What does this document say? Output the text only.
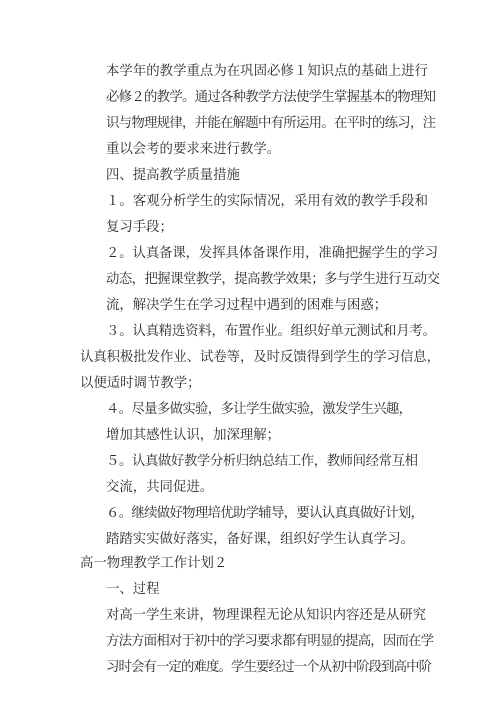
本学年的教学重点为在巩固必修１知识点的基础上进行
必修２的教学。通过各种教学方法使学生掌握基本的物理知
识与物理规律，并能在解题中有所运用。在平时的练习，注
重以会考的要求来进行教学。
四、提高教学质量措施
１。客观分析学生的实际情况，采用有效的教学手段和
复习手段；
２。认真备课，发挥具体备课作用，准确把握学生的学习
动态，把握课堂教学，提高教学效果；多与学生进行互动交
流，解决学生在学习过程中遇到的困难与困惑；
３。认真精选资料，布置作业。组织好单元测试和月考。
认真积极批发作业、试卷等，及时反馈得到学生的学习信息，
以便适时调节教学；
４。尽量多做实验，多让学生做实验，激发学生兴趣，
增加其感性认识，加深理解；
５。认真做好教学分析归纳总结工作，教师间经常互相
交流，共同促进。
６。继续做好物理培优助学辅导，要认认真真做好计划，
踏踏实实做好落实，备好课，组织好学生认真学习。
高一物理教学工作计划２
一、过程
对高一学生来讲，物理课程无论从知识内容还是从研究
方法方面相对于初中的学习要求都有明显的提高，因而在学
习时会有一定的难度。学生要经过一个从初中阶段到高中阶
